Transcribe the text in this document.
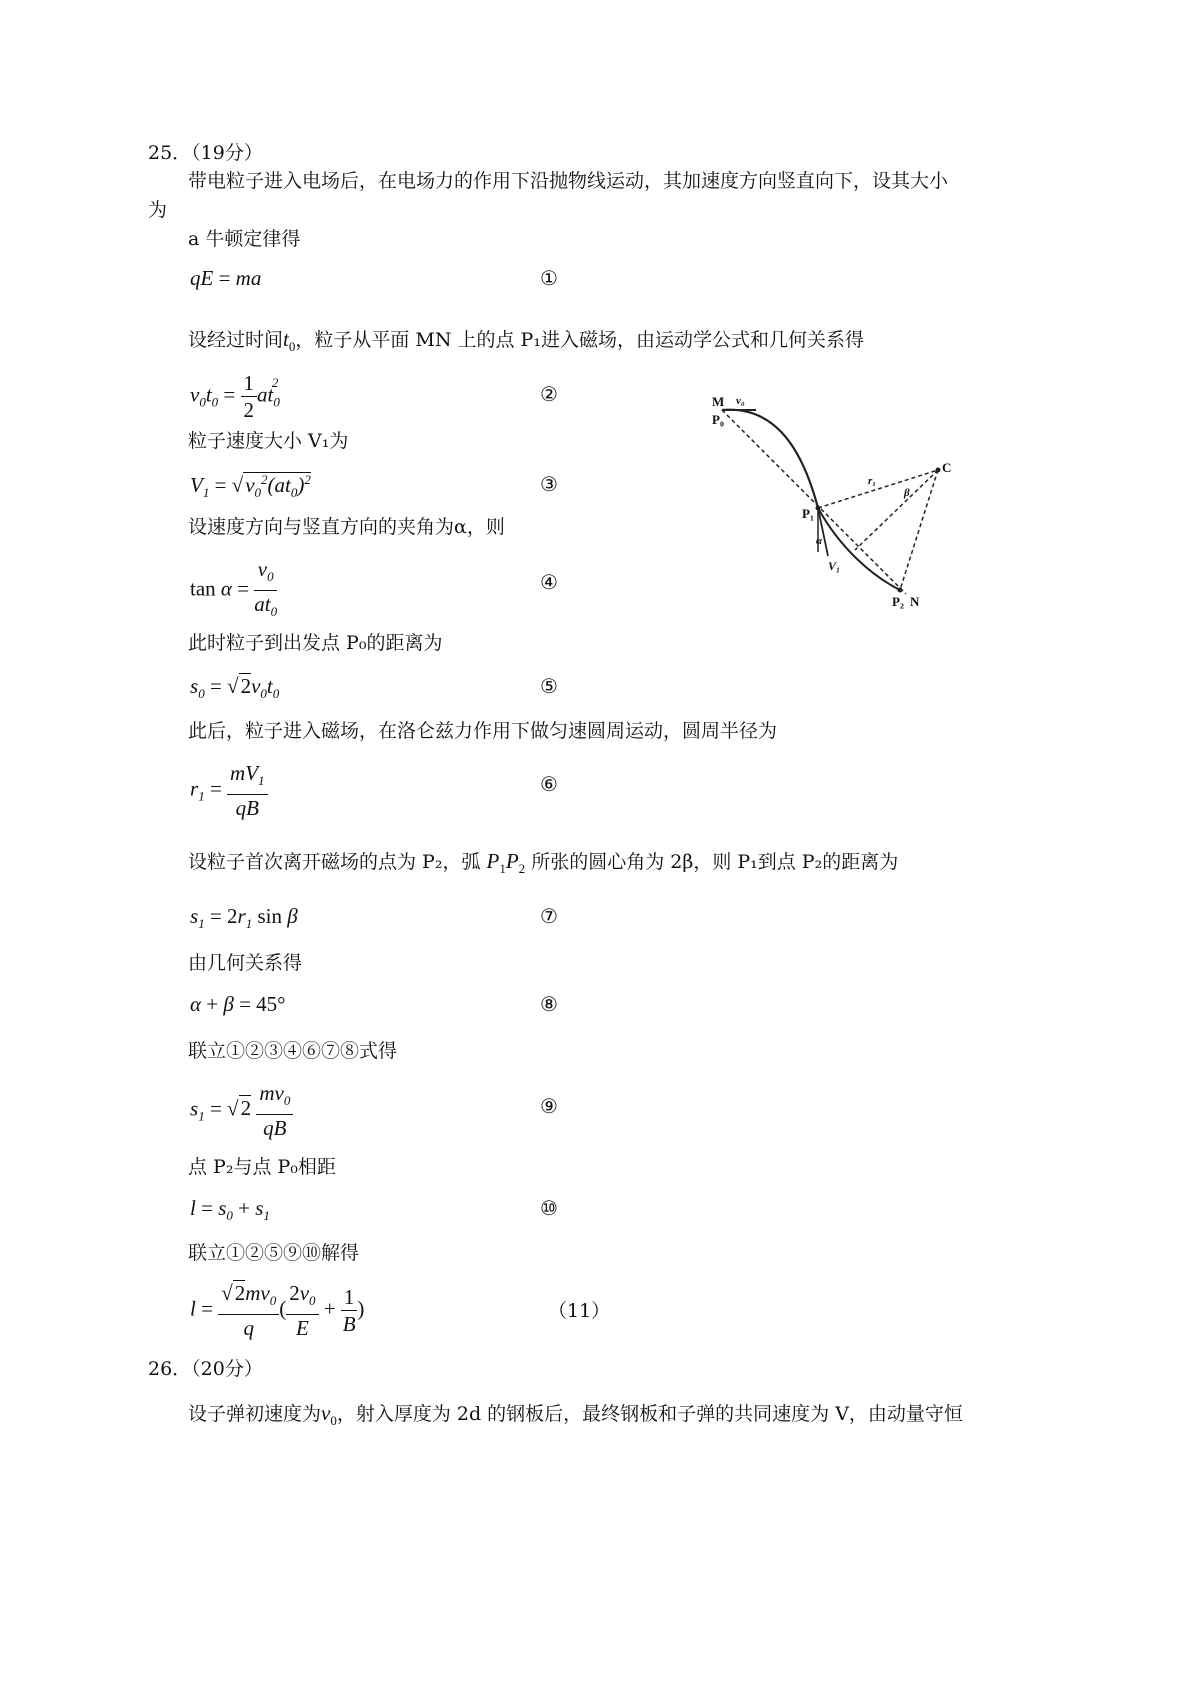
25．（19分）
带电粒子进入电场后，在电场力的作用下沿抛物线运动，其加速度方向竖直向下，设其大小
为
a 牛顿定律得
qE = ma	①
设经过时间$t_0$，粒子从平面 MN 上的点 P₁进入磁场，由运动学公式和几何关系得
$v_0t_0 = \frac{1}{2} at_0^2$	②
粒子速度大小 V₁为
$V_1 = √v_0^2(at_0)^2$	③
设速度方向与竖直方向的夹角为α，则
$\tan \alpha = \frac{v_0}{at_0}$	④
此时粒子到出发点 P₀的距离为
$s_0 = √2v_0t_0$	⑤
此后，粒子进入磁场，在洛仑兹力作用下做匀速圆周运动，圆周半径为
$r_1 = \frac{mV_1}{qB}$	⑥
设粒子首次离开磁场的点为 P₂，弧 $P_1P_2$ 所张的圆心角为 2β，则 P₁到点 P₂的距离为
$s_1 = 2r_1$ sin β	⑦
由几何关系得
α + β = 45°	⑧
联立①②③④⑥⑦⑧式得
$s_1 = √2 \frac{mv_0}{qB}$	⑨
点 P₂与点 P₀相距
$l = s_0 + s_1$	⑩
联立①②⑤⑨⑩解得
$l = \frac{√2mv_0}{q}$ ( $\frac{2v_0}{E} + \frac{1}{B}$ )	（11）
26．（20分）
设子弹初速度为$v_0$，射入厚度为 2d 的钢板后，最终钢板和子弹的共同速度为 V，由动量守恒
M v₀
P₀
r₁
β
C
P₁
α
V₁
P₂ N
